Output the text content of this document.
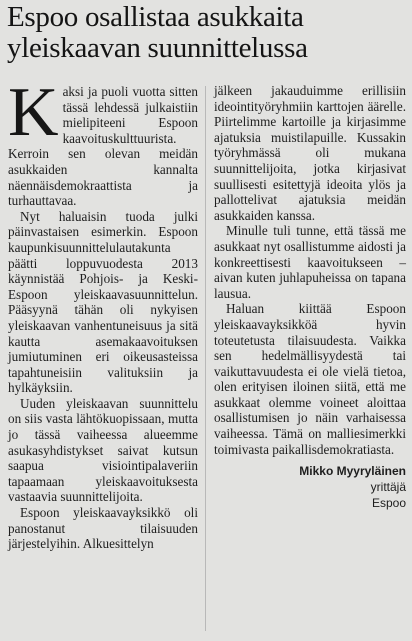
Espoo osallistaa asukkaita yleiskaavan suunnittelussa

Kaksi ja puoli vuotta sitten tässä lehdessä julkaistiin mielipiteeni Espoon kaavoituskulttuurista. Kerroin sen olevan meidän asukkaiden kannalta näennäisdemokraattista ja turhauttavaa.

Nyt haluaisin tuoda julki päinvastaisen esimerkin. Espoon kaupunkisuunnittelulautakunta päätti loppuvuodesta 2013 käynnistää Pohjois- ja Keski-Espoon yleiskaavasuunnittelun. Pääsyynä tähän oli nykyisen yleiskaavan vanhentuneisuus ja sitä kautta asemakaavoituksen jumiutuminen eri oikeusasteissa tapahtuneisiin valituksiin ja hylkäyksiin.

Uuden yleiskaavan suunnittelu on siis vasta lähtökuopissaan, mutta jo tässä vaiheessa alueemme asukasyhdistykset saivat kutsun saapua visiointipalaveriin tapaamaan yleiskaavoituksesta vastaavia suunnittelijoita.

Espoon yleiskaavayksikkö oli panostanut tilaisuuden järjestelyihin. Alkuesittelyn

jälkeen jakauduimme erillisiin ideointityöryhmiin karttojen äärelle. Piirtelimme kartoille ja kirjasimme ajatuksia muistilapuille. Kussakin työryhmässä oli mukana suunnittelijoita, jotka kirjasivat suullisesti esitettyjä ideoita ylös ja pallottelivat ajatuksia meidän asukkaiden kanssa.

Minulle tuli tunne, että tässä me asukkaat nyt osallistumme aidosti ja konkreettisesti kaavoitukseen – aivan kuten juhlapuheissa on tapana lausua.

Haluan kiittää Espoon yleiskaavayksikköä hyvin toteutetusta tilaisuudesta. Vaikka sen hedelmällisyydestä tai vaikuttavuudesta ei ole vielä tietoa, olen erityisen iloinen siitä, että me asukkaat olemme voineet aloittaa osallistumisen jo näin varhaisessa vaiheessa. Tämä on malliesimerkki toimivasta paikallisdemokratiasta.

Mikko Myyryläinen
yrittäjä
Espoo
